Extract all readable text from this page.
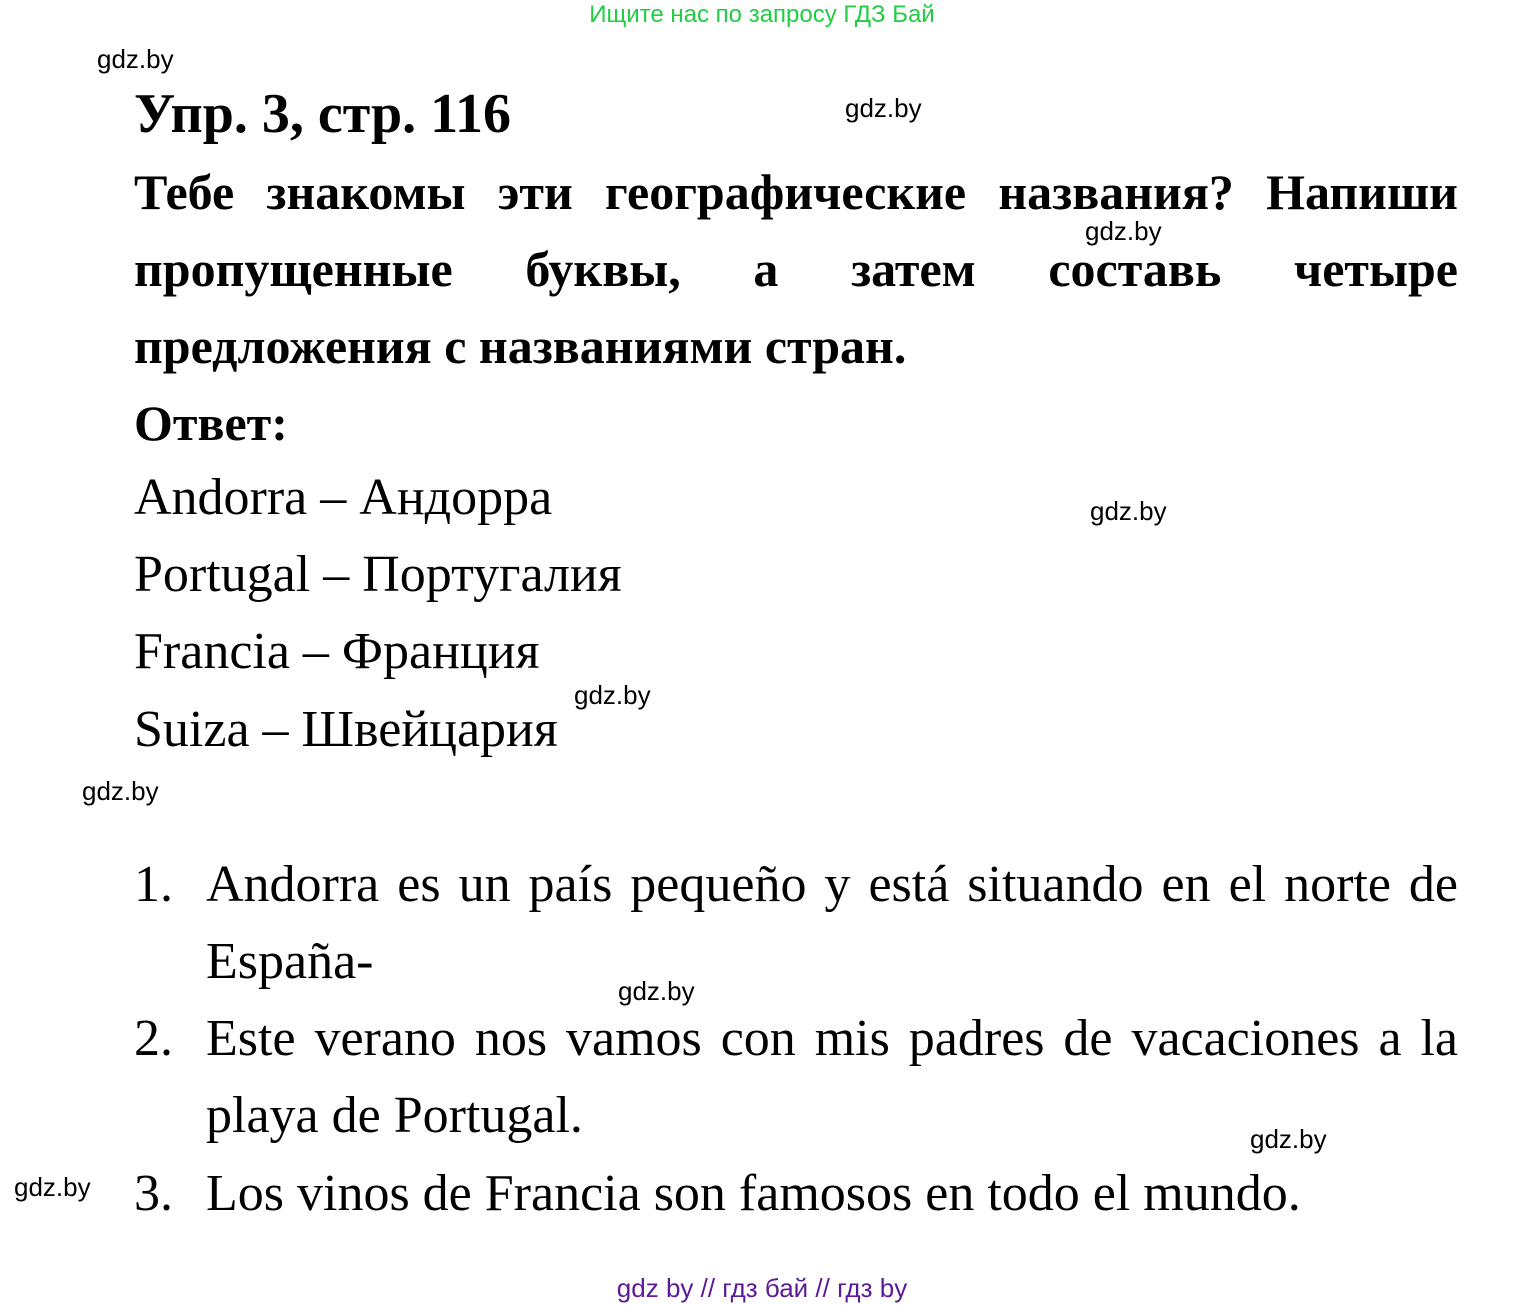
Ищите нас по запросу ГДЗ Бай
gdz.by
gdz.by
gdz.by
gdz.by
gdz.by
gdz.by
gdz.by
gdz.by
gdz.by
Упр. 3, стр. 116
Тебе знакомы эти географические названия? Напиши пропущенные буквы, а затем составь четыре предложения с названиями стран.
Ответ:
Andorra – Андорра
Portugal – Португалия
Francia – Франция
Suiza – Швейцария
1. Andorra es un país pequeño y está situando en el norte de España-
2. Este verano nos vamos con mis padres de vacaciones a la playa de Portugal.
3. Los vinos de Francia son famosos en todo el mundo.
gdz by // гдз бай // гдз by
